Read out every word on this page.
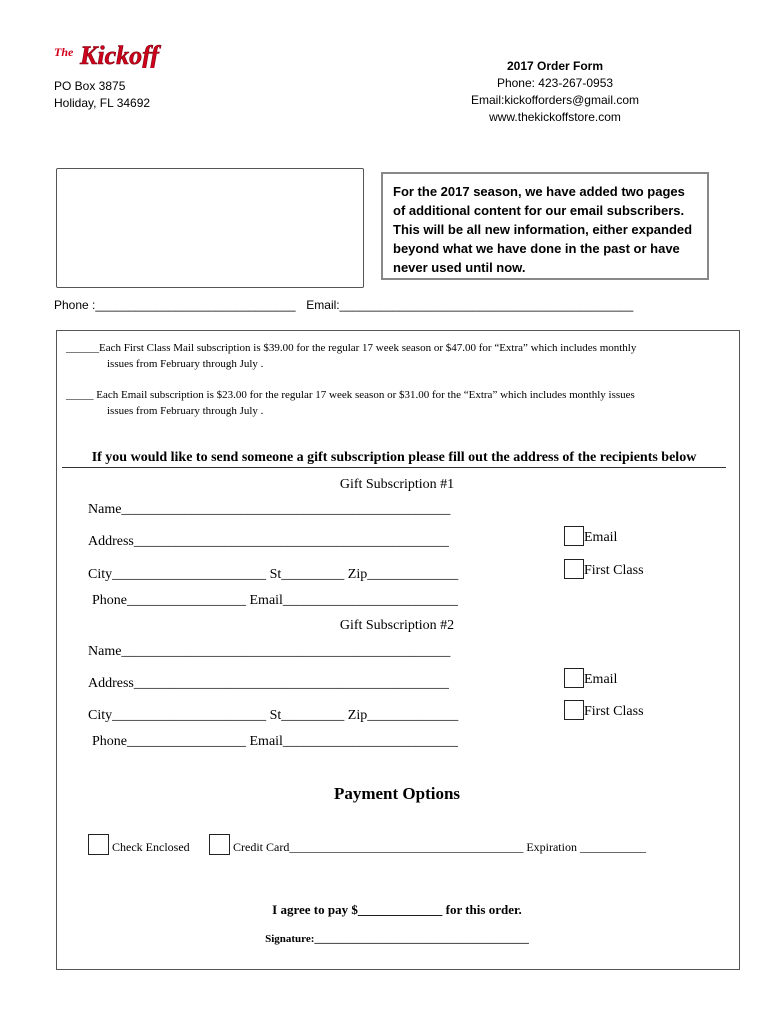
The Kickoff
PO Box 3875
Holiday, FL 34692
2017 Order Form
Phone: 423-267-0953
Email:kickofforders@gmail.com
www.thekickoffstore.com
For the 2017 season, we have added two pages of additional content for our email subscribers. This will be all new information, either expanded beyond what we have done in the past or have never used until now.
Phone :______________________________ Email:____________________________________________
______Each First Class Mail subscription is $39.00 for the regular 17 week season or $47.00 for “Extra” which includes monthly
issues from February through July .
_____ Each Email subscription is $23.00 for the regular 17 week season or $31.00 for the “Extra” which includes monthly issues
issues from February through July .
If you would like to send someone a gift subscription please fill out the address of the recipients below
Gift Subscription #1
Name_______________________________________________
Address_____________________________________________
City______________________ St_________ Zip_____________
Phone_________________ Email_________________________
Email
First Class
Gift Subscription #2
Name_______________________________________________
Address_____________________________________________
City______________________ St_________ Zip_____________
Phone_________________ Email_________________________
Email
First Class
Payment Options
Check Enclosed	Credit Card_______________________________________ Expiration ___________
I agree to pay $_____________ for this order.
Signature:_______________________________________
